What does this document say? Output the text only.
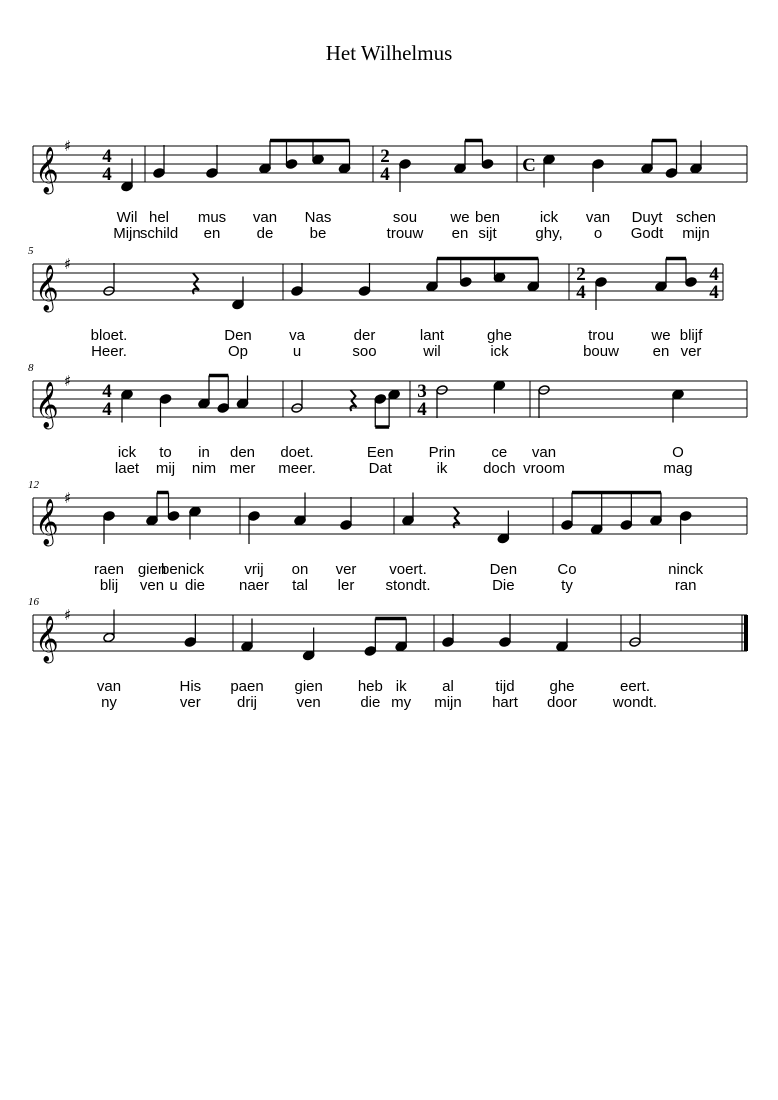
Het Wilhelmus
𝄞
♯ 4
4
Wil
Mijn
hel
schild
mus
en
van
de
Nas
be
2
4
sou
trouw
we
en
ben
sijt
C
ick
ghy,
van
o
Duyt
Godt
schen
mijn
𝄞
♯
5
bloet.
Heer.
Den
Op
va
u
der
soo
lant
wil
ghe
ick
2
4
trou
bouw
we
en
blijf
ver
4
4
𝄞
♯
8
4
4
ick
laet
to
mij
in
nim
den
mer
doet.
meer.
Een
Dat
3
4
Prin
ik
ce
doch
van
vroom
O
mag
𝄞
♯
12
raen
blij
gien
ven
ben
u
ick
die
vrij
naer
on
tal
ver
ler
voert.
stondt.
Den
Die
Co
ty
ninck
ran
𝄞
♯
16
van
ny
His
ver
paen
drij
gien
ven
heb
die
ik
my
al
mijn
tijd
hart
ghe
door
eert.
wondt.
